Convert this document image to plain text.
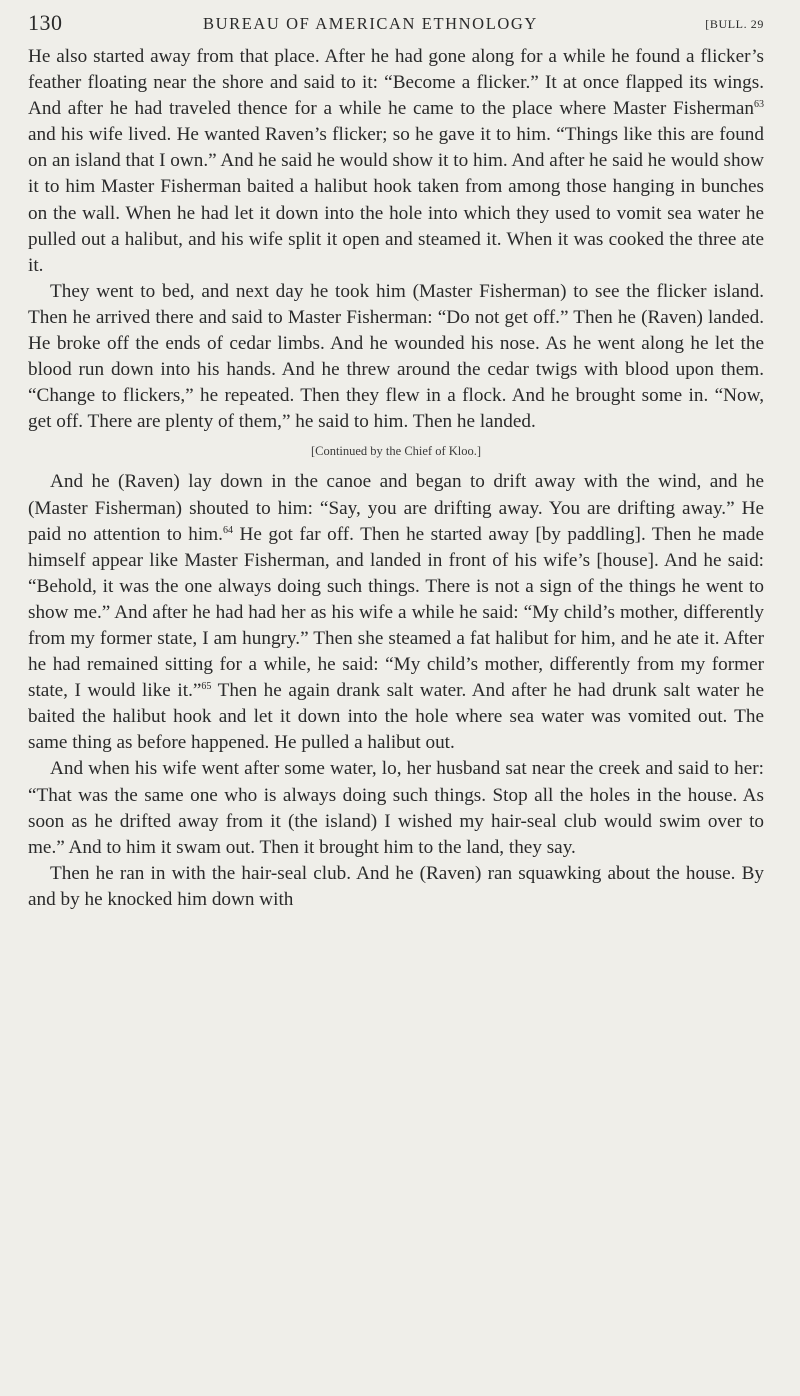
130	BUREAU OF AMERICAN ETHNOLOGY	[BULL. 29

He also started away from that place. After he had gone along for a while he found a flicker’s feather floating near the shore and said to it: “Become a flicker.” It at once flapped its wings. And after he had traveled thence for a while he came to the place where Master Fisherman$^{63}$ and his wife lived. He wanted Raven’s flicker; so he gave it to him. “Things like this are found on an island that I own.” And he said he would show it to him. And after he said he would show it to him Master Fisherman baited a halibut hook taken from among those hanging in bunches on the wall. When he had let it down into the hole into which they used to vomit sea water he pulled out a halibut, and his wife split it open and steamed it. When it was cooked the three ate it.

They went to bed, and next day he took him (Master Fisherman) to see the flicker island. Then he arrived there and said to Master Fisherman: “Do not get off.” Then he (Raven) landed. He broke off the ends of cedar limbs. And he wounded his nose. As he went along he let the blood run down into his hands. And he threw around the cedar twigs with blood upon them. “Change to flickers,” he repeated. Then they flew in a flock. And he brought some in. “Now, get off. There are plenty of them,” he said to him. Then he landed.

[Continued by the Chief of Kloo.]

And he (Raven) lay down in the canoe and began to drift away with the wind, and he (Master Fisherman) shouted to him: “Say, you are drifting away. You are drifting away.” He paid no attention to him.$^{64}$ He got far off. Then he started away [by paddling]. Then he made himself appear like Master Fisherman, and landed in front of his wife’s [house]. And he said: “Behold, it was the one always doing such things. There is not a sign of the things he went to show me.” And after he had had her as his wife a while he said: “My child’s mother, differently from my former state, I am hungry.” Then she steamed a fat halibut for him, and he ate it. After he had remained sitting for a while, he said: “My child’s mother, differently from my former state, I would like it.”$^{65}$ Then he again drank salt water. And after he had drunk salt water he baited the halibut hook and let it down into the hole where sea water was vomited out. The same thing as before happened. He pulled a halibut out.

And when his wife went after some water, lo, her husband sat near the creek and said to her: “That was the same one who is always doing such things. Stop all the holes in the house. As soon as he drifted away from it (the island) I wished my hair-seal club would swim over to me.” And to him it swam out. Then it brought him to the land, they say.

Then he ran in with the hair-seal club. And he (Raven) ran squawking about the house. By and by he knocked him down with
